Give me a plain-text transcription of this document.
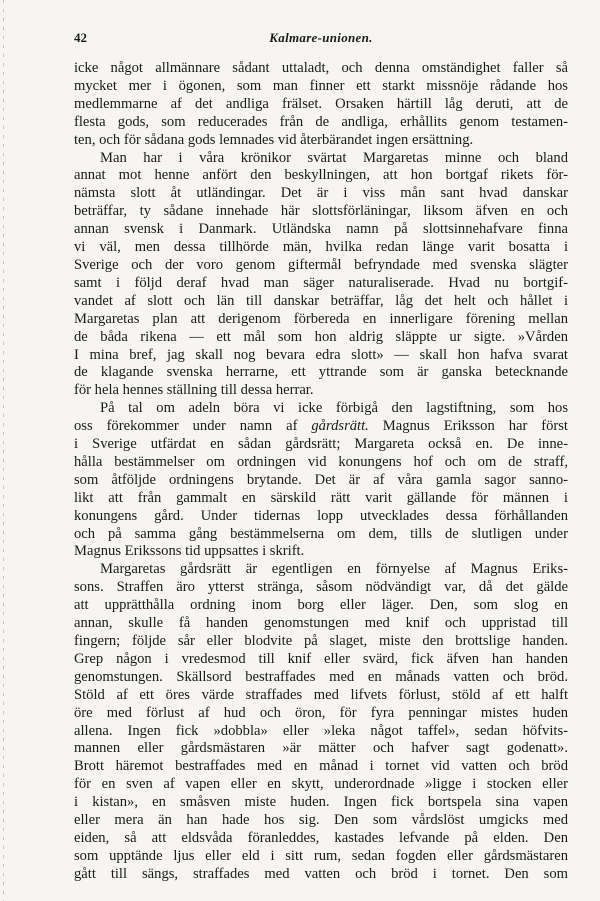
42	Kalmare-unionen.
icke något allmännare sådant uttaladt, och denna omständighet faller så
mycket mer i ögonen, som man finner ett starkt missnöje rådande hos
medlemmarne af det andliga frälset. Orsaken härtill låg deruti, att de
flesta gods, som reducerades från de andliga, erhållits genom testamen-
ten, och för sådana gods lemnades vid återbärandet ingen ersättning.
Man har i våra krönikor svärtat Margaretas minne och bland
annat mot henne anfört den beskyllningen, att hon bortgaf rikets för-
nämsta slott åt utländingar. Det är i viss mån sant hvad danskar
beträffar, ty sådane innehade här slottsförläningar, liksom äfven en och
annan svensk i Danmark. Utländska namn på slottsinnehafvare finna
vi väl, men dessa tillhörde män, hvilka redan länge varit bosatta i
Sverige och der voro genom giftermål befryndade med svenska slägter
samt i följd deraf hvad man säger naturaliserade. Hvad nu bortgif-
vandet af slott och län till danskar beträffar, låg det helt och hållet i
Margaretas plan att derigenom förbereda en innerligare förening mellan
de båda rikena — ett mål som hon aldrig släppte ur sigte. »Vården
I mina bref, jag skall nog bevara edra slott» — skall hon hafva svarat
de klagande svenska herrarne, ett yttrande som är ganska betecknande
för hela hennes ställning till dessa herrar.
På tal om adeln böra vi icke förbigå den lagstiftning, som hos
oss förekommer under namn af gårdsrätt. Magnus Eriksson har först
i Sverige utfärdat en sådan gårdsrätt; Margareta också en. De inne-
hålla bestämmelser om ordningen vid konungens hof och om de straff,
som åtföljde ordningens brytande. Det är af våra gamla sagor sanno-
likt att från gammalt en särskild rätt varit gällande för männen i
konungens gård. Under tidernas lopp utvecklades dessa förhållanden
och på samma gång bestämmelserna om dem, tills de slutligen under
Magnus Erikssons tid uppsattes i skrift.
Margaretas gårdsrätt är egentligen en förnyelse af Magnus Eriks-
sons. Straffen äro ytterst stränga, såsom nödvändigt var, då det gälde
att upprätthålla ordning inom borg eller läger. Den, som slog en
annan, skulle få handen genomstungen med knif och uppristad till
fingern; följde sår eller blodvite på slaget, miste den brottslige handen.
Grep någon i vredesmod till knif eller svärd, fick äfven han handen
genomstungen. Skällsord bestraffades med en månads vatten och bröd.
Stöld af ett öres värde straffades med lifvets förlust, stöld af ett halft
öre med förlust af hud och öron, för fyra penningar mistes huden
allena. Ingen fick »dobbla» eller »leka något taffel», sedan höfvits-
mannen eller gårdsmästaren »är mätter och hafver sagt godenatt».
Brott häremot bestraffades med en månad i tornet vid vatten och bröd
för en sven af vapen eller en skytt, underordnade »ligge i stocken eller
i kistan», en småsven miste huden. Ingen fick bortspela sina vapen
eller mera än han hade hos sig. Den som vårdslöst umgicks med
eiden, så att eldsvåda föranleddes, kastades lefvande på elden. Den
som upptände ljus eller eld i sitt rum, sedan fogden eller gårdsmästaren
gått till sängs, straffades med vatten och bröd i tornet. Den som
